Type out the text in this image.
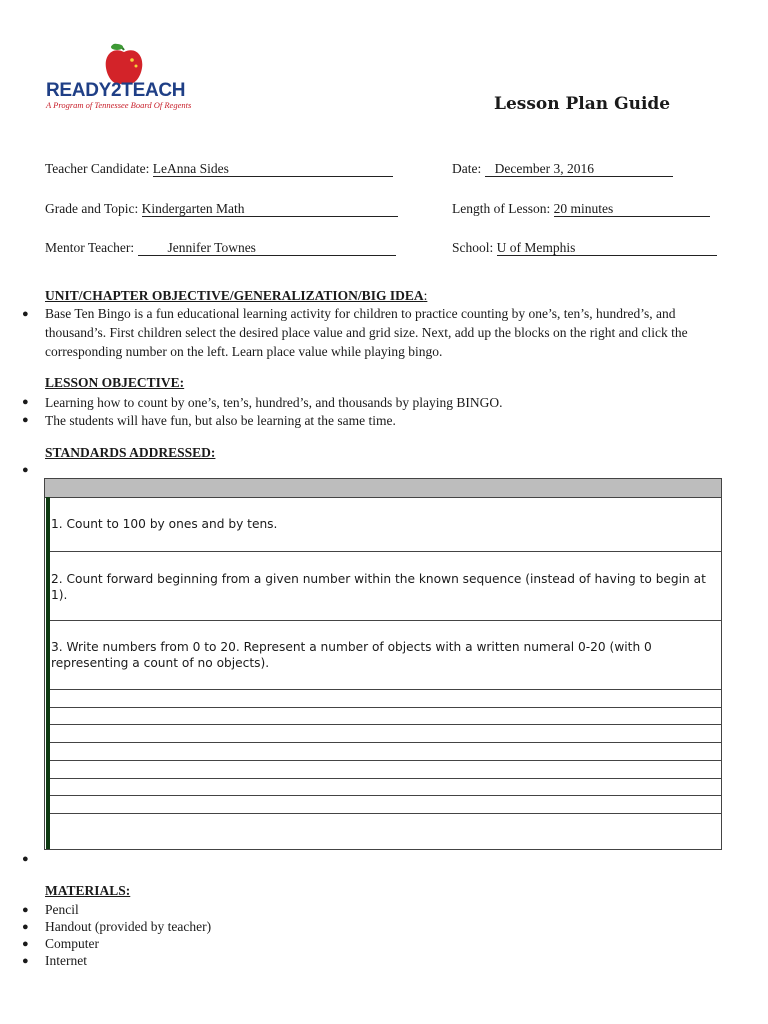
READY2TEACH
A Program of Tennessee Board Of Regents	Lesson Plan Guide
Teacher Candidate: LeAnna Sides	Date: December 3, 2016
Grade and Topic: Kindergarten Math	Length of Lesson: 20 minutes
Mentor Teacher: Jennifer Townes	School: U of Memphis
UNIT/CHAPTER OBJECTIVE/GENERALIZATION/BIG IDEA:
● Base Ten Bingo is a fun educational learning activity for children to practice counting by one’s, ten’s, hundred’s, and thousand’s. First children select the desired place value and grid size. Next, add up the blocks on the right and click the corresponding number on the left. Learn place value while playing bingo.
LESSON OBJECTIVE:
● Learning how to count by one’s, ten’s, hundred’s, and thousands by playing BINGO.
● The students will have fun, but also be learning at the same time.
STANDARDS ADDRESSED:
●
1. Count to 100 by ones and by tens.
2. Count forward beginning from a given number within the known sequence (instead of having to begin at 1).
3. Write numbers from 0 to 20. Represent a number of objects with a written numeral 0-20 (with 0 representing a count of no objects).
●
MATERIALS:
● Pencil
● Handout (provided by teacher)
● Computer
● Internet
